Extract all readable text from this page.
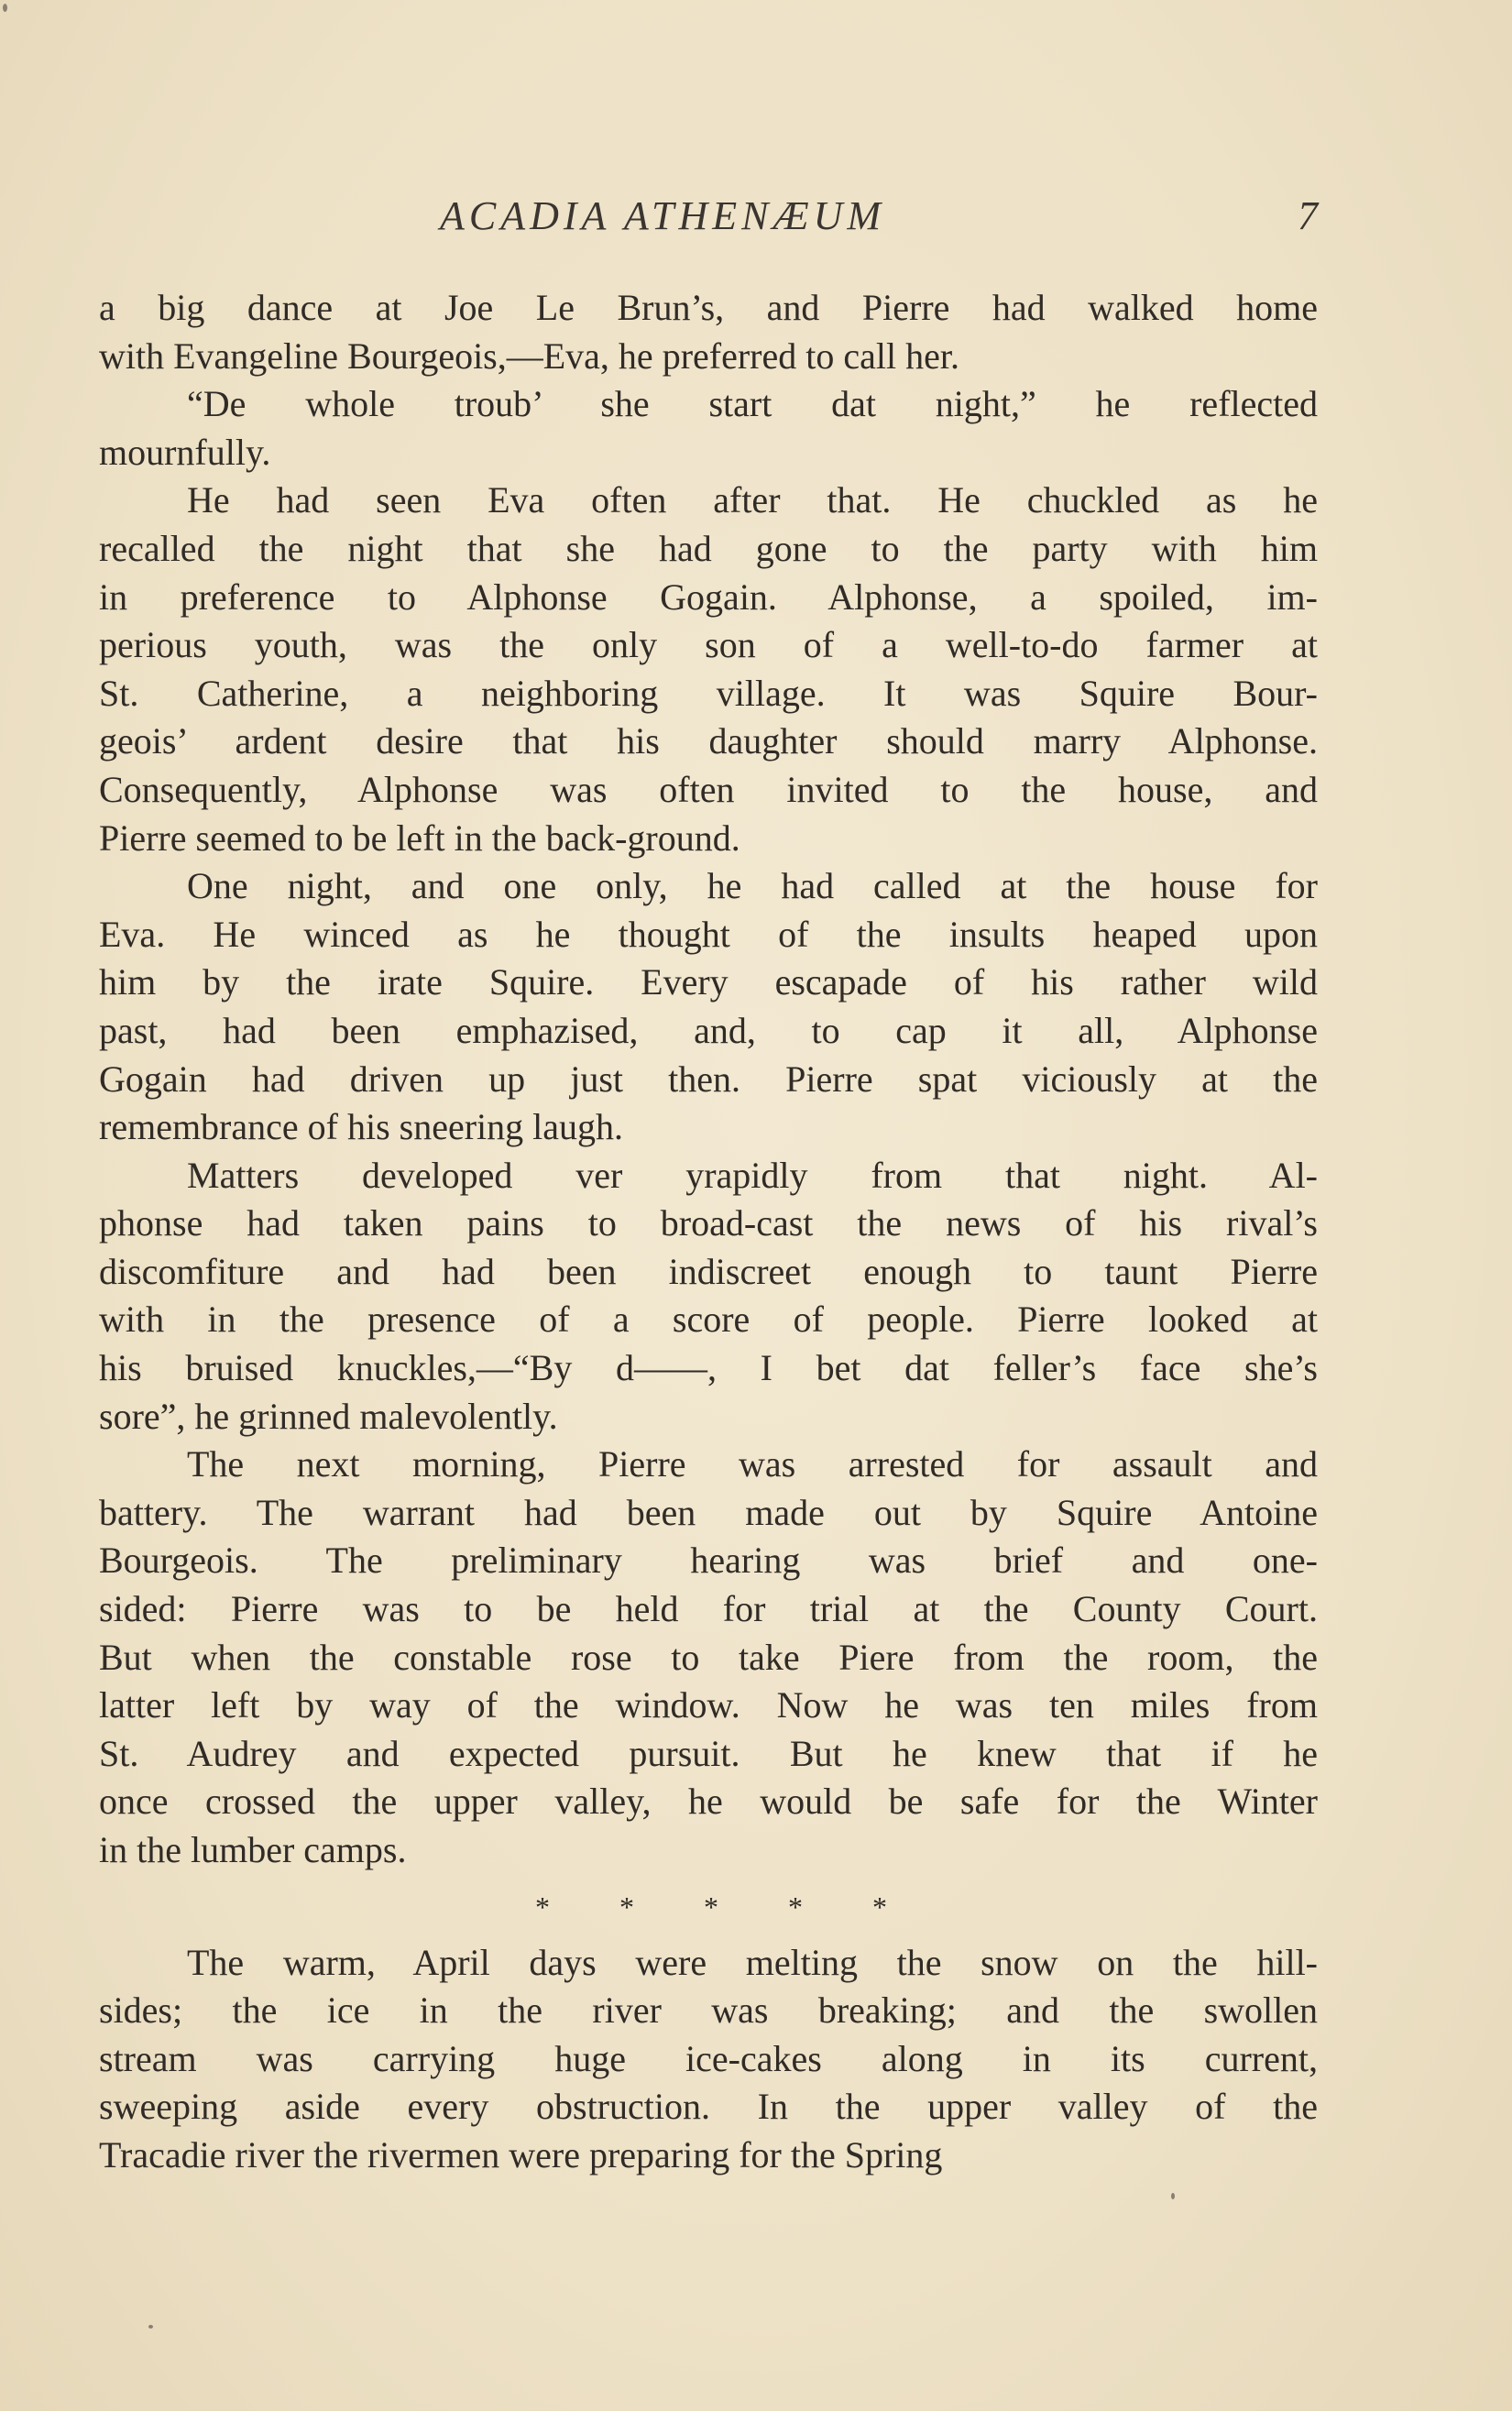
ACADIA ATHENÆUM	7
a big dance at Joe Le Brun’s, and Pierre had walked home
with Evangeline Bourgeois,—Eva, he preferred to call her.
“De whole troub’ she start dat night,” he reflected
mournfully.
He had seen Eva often after that. He chuckled as he
recalled the night that she had gone to the party with him
in preference to Alphonse Gogain. Alphonse, a spoiled, im-
perious youth, was the only son of a well-to-do farmer at
St. Catherine, a neighboring village. It was Squire Bour-
geois’ ardent desire that his daughter should marry Alphonse.
Consequently, Alphonse was often invited to the house, and
Pierre seemed to be left in the back-ground.
One night, and one only, he had called at the house for
Eva. He winced as he thought of the insults heaped upon
him by the irate Squire. Every escapade of his rather wild
past, had been emphazised, and, to cap it all, Alphonse
Gogain had driven up just then. Pierre spat viciously at the
remembrance of his sneering laugh.
Matters developed ver yrapidly from that night. Al-
phonse had taken pains to broad-cast the news of his rival’s
discomfiture and had been indiscreet enough to taunt Pierre
with in the presence of a score of people. Pierre looked at
his bruised knuckles,—“By d——, I bet dat feller’s face she’s
sore”, he grinned malevolently.
The next morning, Pierre was arrested for assault and
battery. The warrant had been made out by Squire Antoine
Bourgeois. The preliminary hearing was brief and one-
sided: Pierre was to be held for trial at the County Court.
But when the constable rose to take Piere from the room, the
latter left by way of the window. Now he was ten miles from
St. Audrey and expected pursuit. But he knew that if he
once crossed the upper valley, he would be safe for the Winter
in the lumber camps.
* * * * *
The warm, April days were melting the snow on the hill-
sides; the ice in the river was breaking; and the swollen
stream was carrying huge ice-cakes along in its current,
sweeping aside every obstruction. In the upper valley of the
Tracadie river the rivermen were preparing for the Spring
